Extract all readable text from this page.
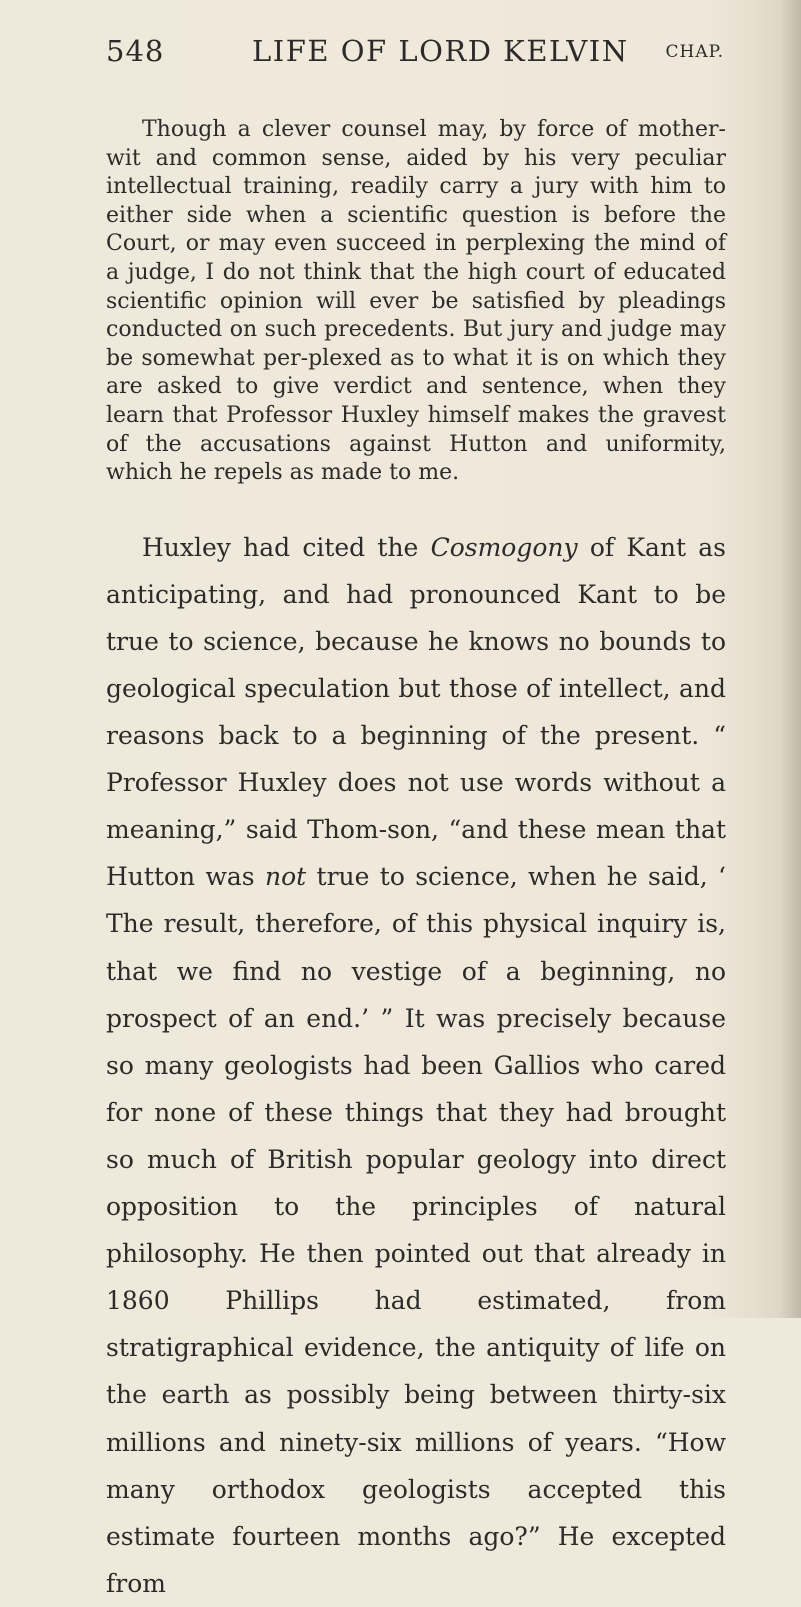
548	LIFE OF LORD KELVIN CHAP.

Though a clever counsel may, by force of mother-wit and common sense, aided by his very peculiar intellectual training, readily carry a jury with him to either side when a scientific question is before the Court, or may even succeed in perplexing the mind of a judge, I do not think that the high court of educated scientific opinion will ever be satisfied by pleadings conducted on such precedents. But jury and judge may be somewhat per-plexed as to what it is on which they are asked to give verdict and sentence, when they learn that Professor Huxley himself makes the gravest of the accusations against Hutton and uniformity, which he repels as made to me.

Huxley had cited the Cosmogony of Kant as anticipating, and had pronounced Kant to be true to science, because he knows no bounds to geological speculation but those of intellect, and reasons back to a beginning of the present. “ Professor Huxley does not use words without a meaning,” said Thom-son, “and these mean that Hutton was not true to science, when he said, ‘ The result, therefore, of this physical inquiry is, that we find no vestige of a beginning, no prospect of an end.’ ” It was precisely because so many geologists had been Gallios who cared for none of these things that they had brought so much of British popular geology into direct opposition to the principles of natural philosophy. He then pointed out that already in 1860 Phillips had estimated, from stratigraphical evidence, the antiquity of life on the earth as possibly being between thirty-six millions and ninety-six millions of years. “How many orthodox geologists accepted this estimate fourteen months ago?” He excepted from
